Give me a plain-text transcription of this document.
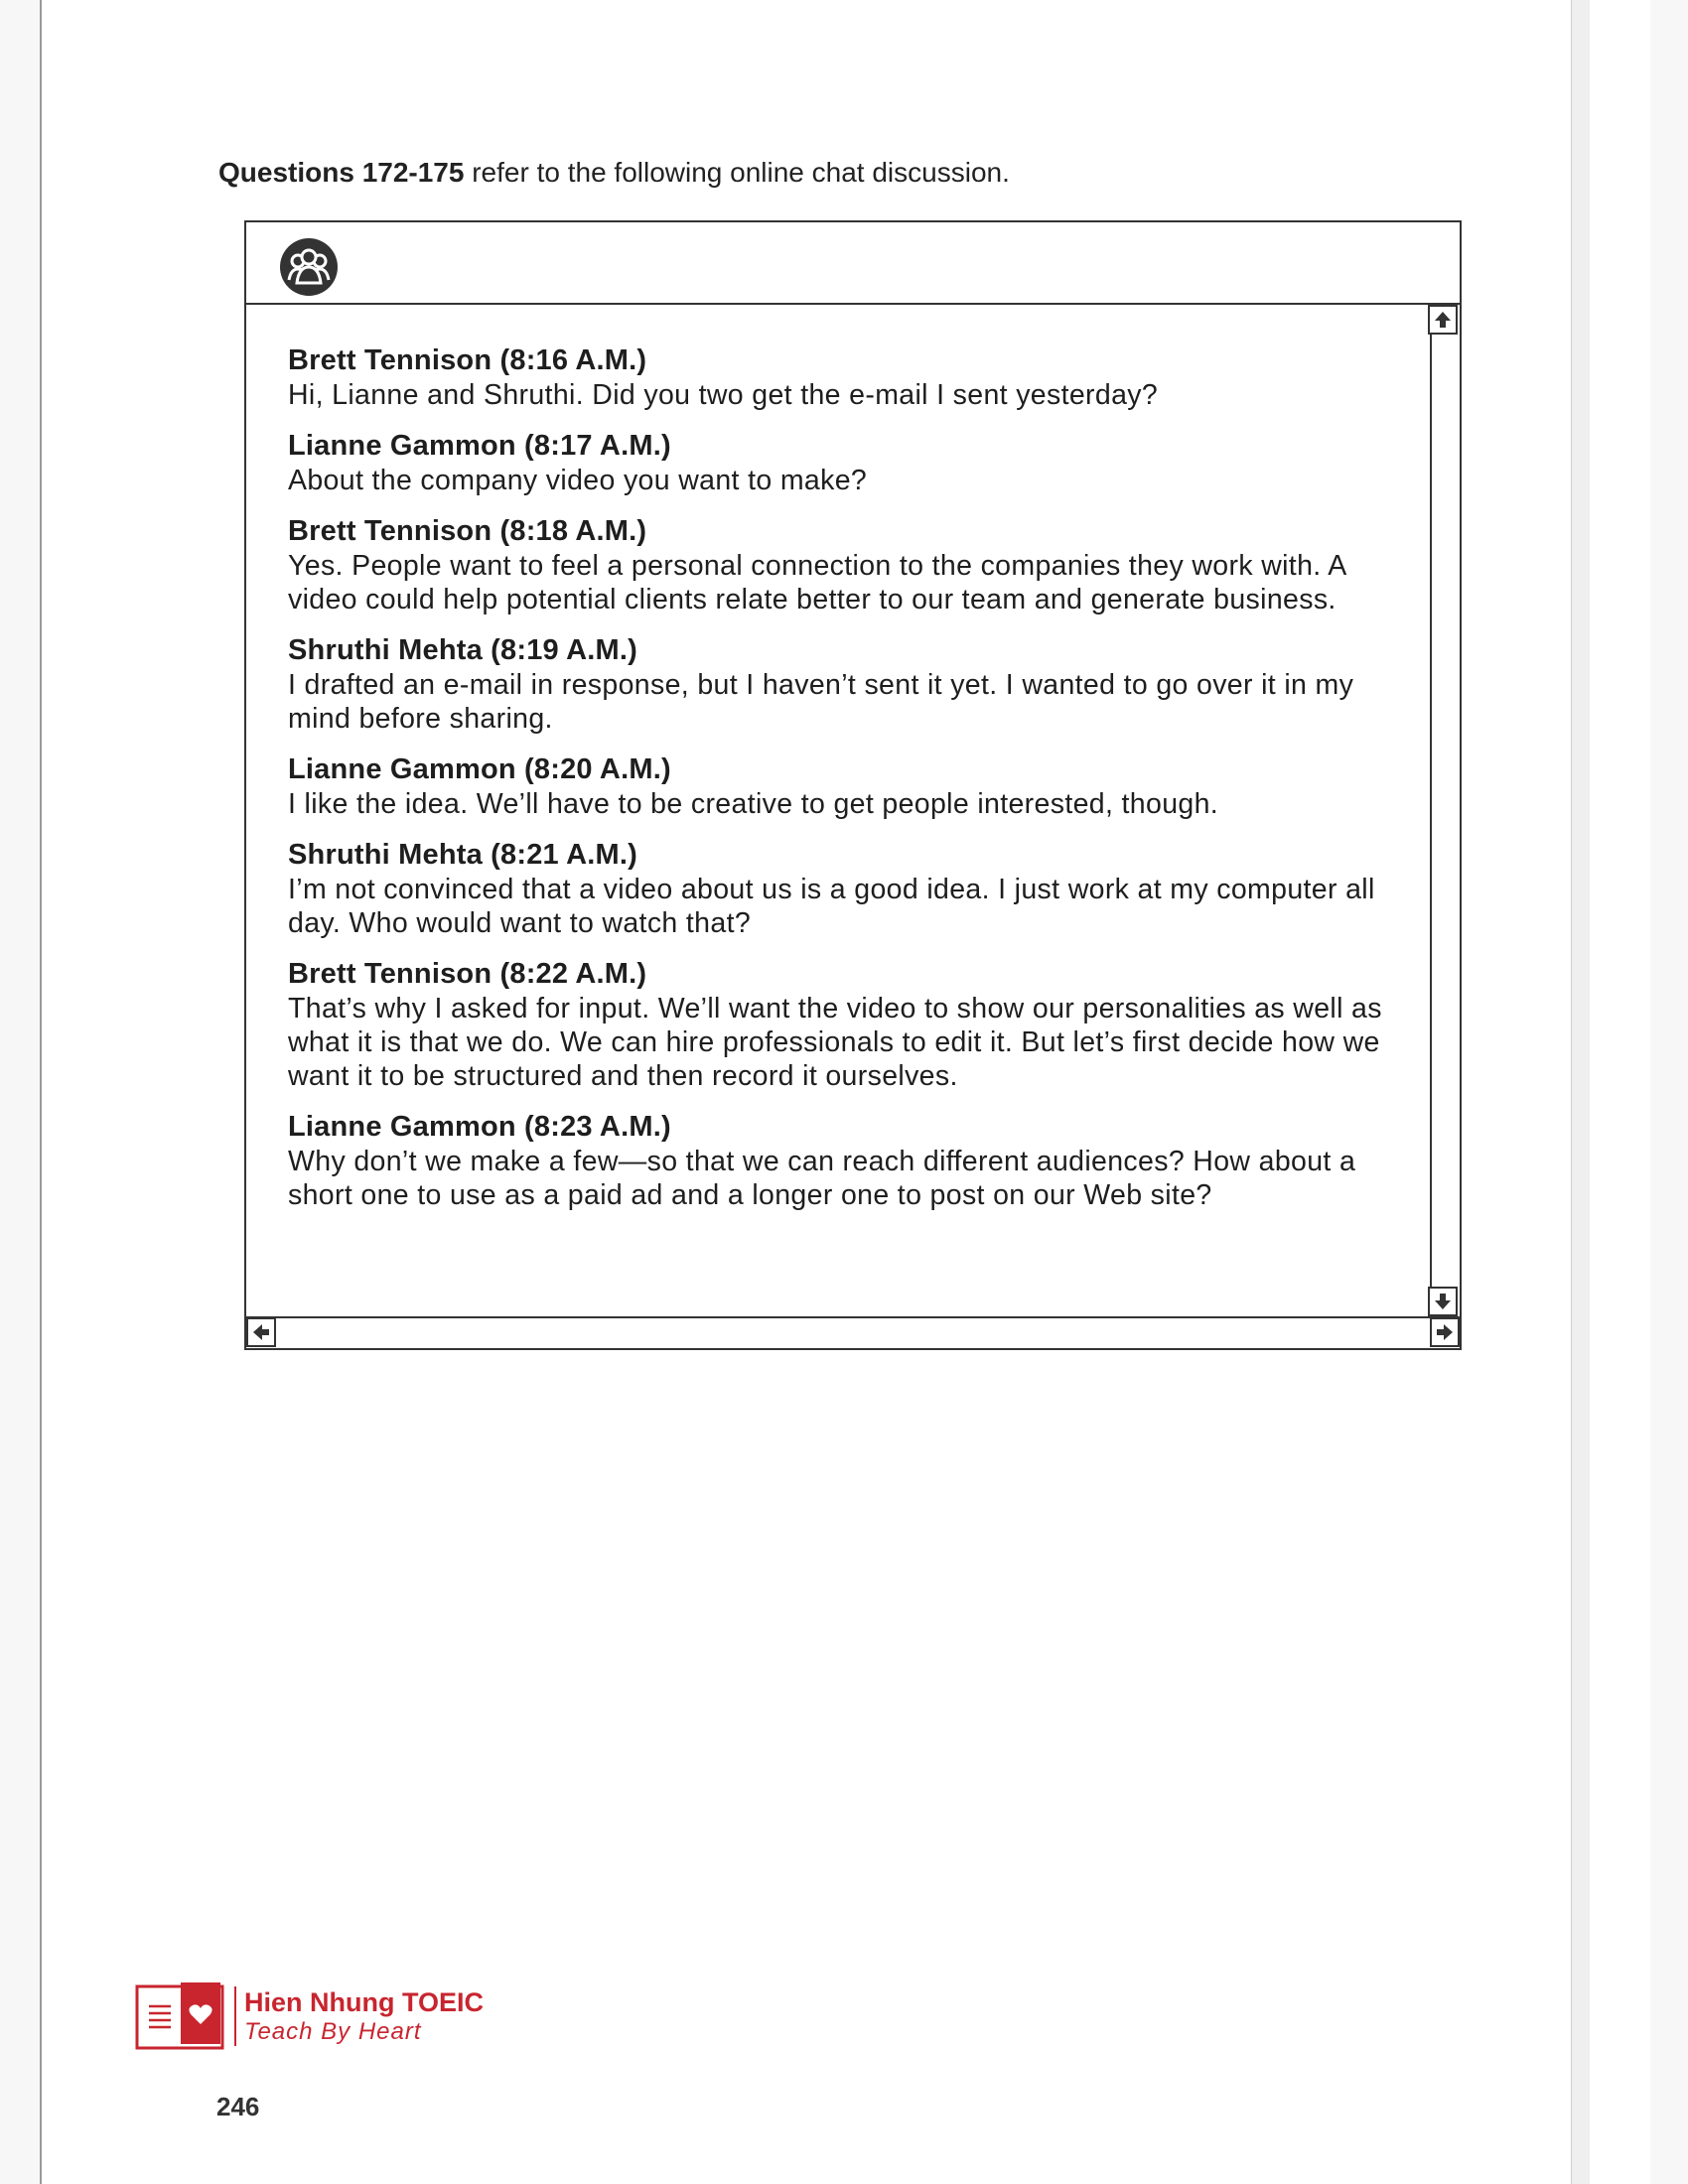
Questions 172-175 refer to the following online chat discussion.
Brett Tennison (8:16 A.M.)
Hi, Lianne and Shruthi. Did you two get the e-mail I sent yesterday?
Lianne Gammon (8:17 A.M.)
About the company video you want to make?
Brett Tennison (8:18 A.M.)
Yes. People want to feel a personal connection to the companies they work with. A video could help potential clients relate better to our team and generate business.
Shruthi Mehta (8:19 A.M.)
I drafted an e-mail in response, but I haven’t sent it yet. I wanted to go over it in my mind before sharing.
Lianne Gammon (8:20 A.M.)
I like the idea. We’ll have to be creative to get people interested, though.
Shruthi Mehta (8:21 A.M.)
I’m not convinced that a video about us is a good idea. I just work at my computer all day. Who would want to watch that?
Brett Tennison (8:22 A.M.)
That’s why I asked for input. We’ll want the video to show our personalities as well as what it is that we do. We can hire professionals to edit it. But let’s first decide how we want it to be structured and then record it ourselves.
Lianne Gammon (8:23 A.M.)
Why don’t we make a few—so that we can reach different audiences? How about a short one to use as a paid ad and a longer one to post on our Web site?
Hien Nhung TOEIC
Teach By Heart
246
